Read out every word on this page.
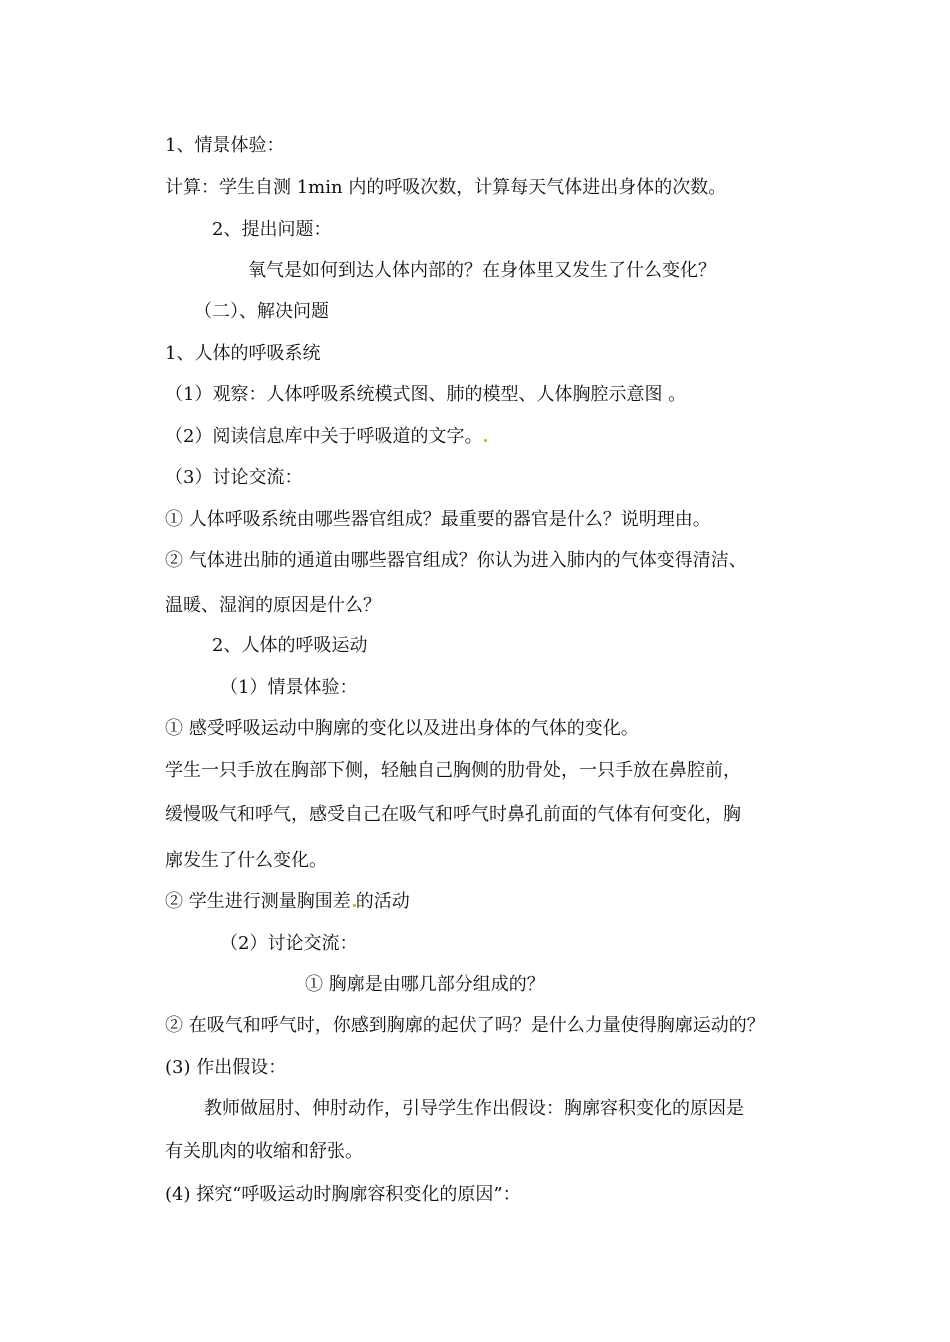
1、情景体验：
计算：学生自测 1min 内的呼吸次数，计算每天气体进出身体的次数。
2、提出问题：
氧气是如何到达人体内部的？在身体里又发生了什么变化？
（二）、解决问题
1、人体的呼吸系统
（1）观察：人体呼吸系统模式图、肺的模型、人体胸腔示意图 。
（2）阅读信息库中关于呼吸道的文字。
（3）讨论交流：
① 人体呼吸系统由哪些器官组成？最重要的器官是什么？说明理由。
② 气体进出肺的通道由哪些器官组成？你认为进入肺内的气体变得清洁、
温暖、湿润的原因是什么？
2、人体的呼吸运动
（1）情景体验：
① 感受呼吸运动中胸廓的变化以及进出身体的气体的变化。
学生一只手放在胸部下侧，轻触自己胸侧的肋骨处，一只手放在鼻腔前，
缓慢吸气和呼气，感受自己在吸气和呼气时鼻孔前面的气体有何变化，胸
廓发生了什么变化。
② 学生进行测量胸围差 的活动
（2）讨论交流：
① 胸廓是由哪几部分组成的？
② 在吸气和呼气时，你感到胸廓的起伏了吗？是什么力量使得胸廓运动的？
(3) 作出假设：
教师做屈肘、伸肘动作，引导学生作出假设：胸廓容积变化的原因是
有关肌肉的收缩和舒张。
(4) 探究“呼吸运动时胸廓容积变化的原因”：
